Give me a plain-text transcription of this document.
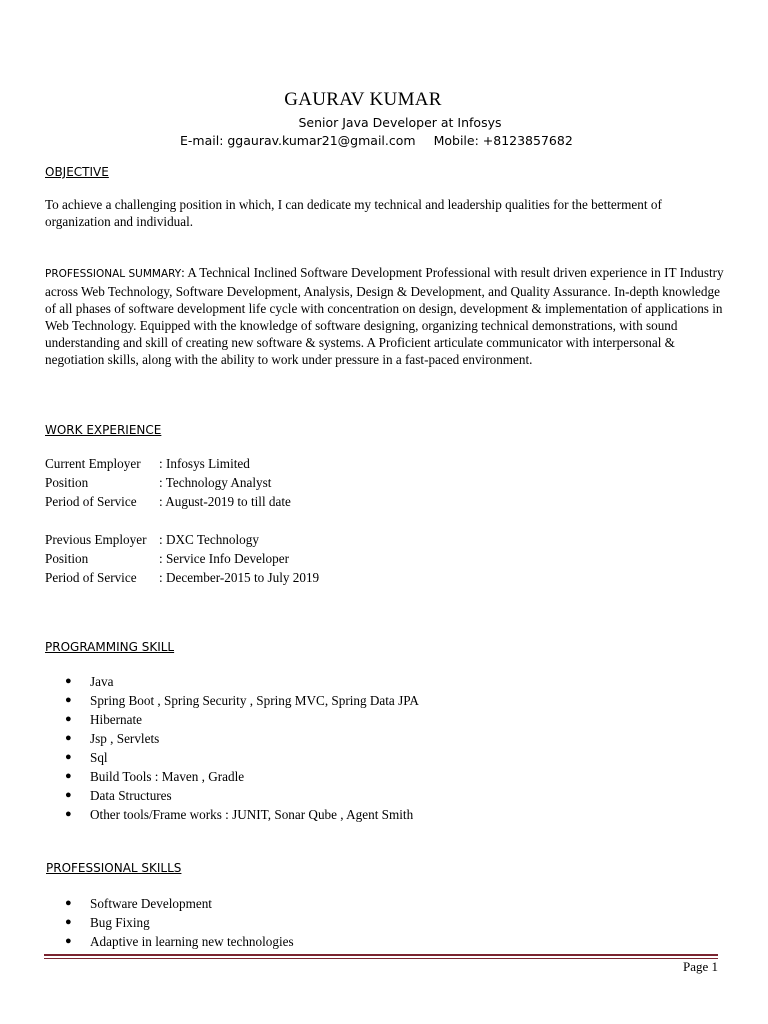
GAURAV KUMAR
Senior Java Developer at Infosys
E-mail: ggaurav.kumar21@gmail.com Mobile: +8123857682
OBJECTIVE
To achieve a challenging position in which, I can dedicate my technical and leadership qualities for the betterment of organization and individual.
PROFESSIONAL SUMMARY: A Technical Inclined Software Development Professional with result driven experience in IT Industry across Web Technology, Software Development, Analysis, Design & Development, and Quality Assurance. In-depth knowledge of all phases of software development life cycle with concentration on design, development & implementation of applications in Web Technology. Equipped with the knowledge of software designing, organizing technical demonstrations, with sound understanding and skill of creating new software & systems. A Proficient articulate communicator with interpersonal & negotiation skills, along with the ability to work under pressure in a fast-paced environment.
WORK EXPERIENCE
Current Employer	: Infosys Limited
Position	: Technology Analyst
Period of Service	: August-2019 to till date
Previous Employer : DXC Technology
Position	: Service Info Developer
Period of Service	: December-2015 to July 2019
PROGRAMMING SKILL
●	Java
●	Spring Boot , Spring Security , Spring MVC, Spring Data JPA
●	Hibernate
●	Jsp , Servlets
●	Sql
●	Build Tools : Maven , Gradle
●	Data Structures
●	Other tools/Frame works : JUNIT, Sonar Qube , Agent Smith
PROFESSIONAL SKILLS
●	Software Development
●	Bug Fixing
●	Adaptive in learning new technologies
Page 1
